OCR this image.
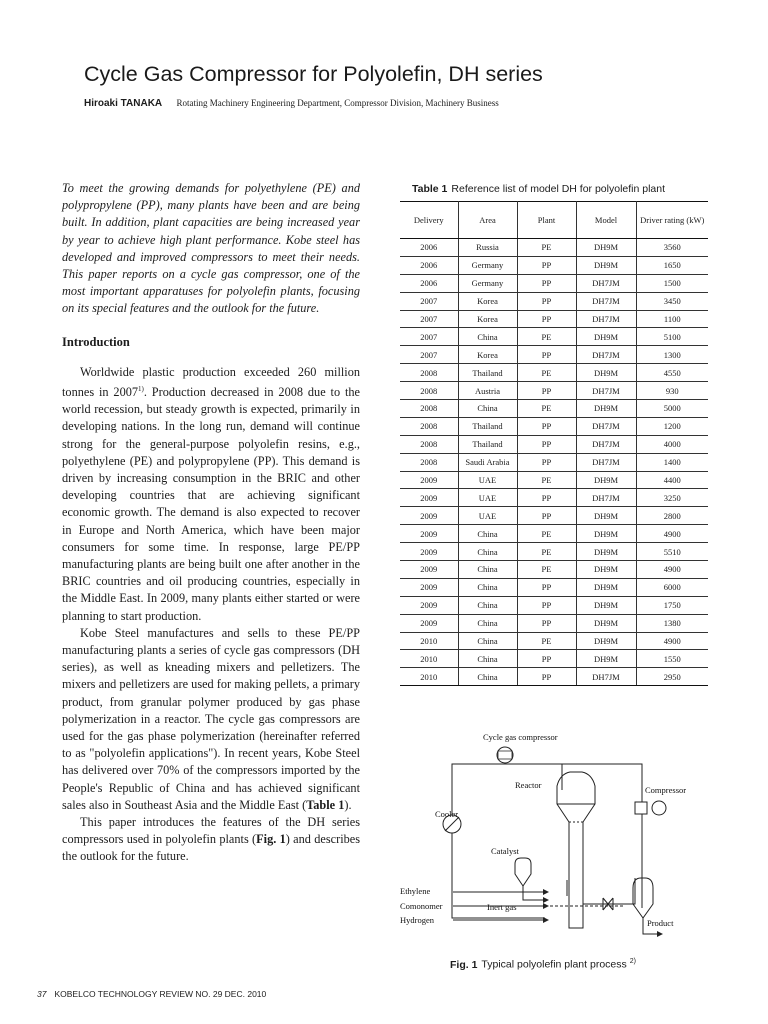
Cycle Gas Compressor for Polyolefin, DH series
Hiroaki TANAKA Rotating Machinery Engineering Department, Compressor Division, Machinery Business

To meet the growing demands for polyethylene (PE) and polypropylene (PP), many plants have been and are being built. In addition, plant capacities are being increased year by year to achieve high plant performance. Kobe steel has developed and improved compressors to meet their needs. This paper reports on a cycle gas compressor, one of the most important apparatuses for polyolefin plants, focusing on its special features and the outlook for the future.

Introduction

Worldwide plastic production exceeded 260 million tonnes in 2007$^{1)}$. Production decreased in 2008 due to the world recession, but steady growth is expected, primarily in developing nations. In the long run, demand will continue strong for the general-purpose polyolefin resins, e.g., polyethylene (PE) and polypropylene (PP). This demand is driven by increasing consumption in the BRIC and other developing countries that are achieving significant economic growth. The demand is also expected to recover in Europe and North America, which have been major consumers for some time. In response, large PE/PP manufacturing plants are being built one after another in the BRIC countries and oil producing countries, especially in the Middle East. In 2009, many plants either started or were planning to start production.

Kobe Steel manufactures and sells to these PE/PP manufacturing plants a series of cycle gas compressors (DH series), as well as kneading mixers and pelletizers. The mixers and pelletizers are used for making pellets, a primary product, from granular polymer produced by gas phase polymerization in a reactor. The cycle gas compressors are used for the gas phase polymerization (hereinafter referred to as "polyolefin applications"). In recent years, Kobe Steel has delivered over 70% of the compressors imported by the People's Republic of China and has achieved significant sales also in Southeast Asia and the Middle East (Table 1).

This paper introduces the features of the DH series compressors used in polyolefin plants (Fig. 1) and describes the outlook for the future.

Table 1 Reference list of model DH for polyolefin plant
Delivery	Area	Plant	Model	Driver rating (kW)
2006	Russia	PE	DH9M	3560
2006	Germany	PP	DH9M	1650
2006	Germany	PP	DH7JM	1500
2007	Korea	PP	DH7JM	3450
2007	Korea	PP	DH7JM	1100
2007	China	PE	DH9M	5100
2007	Korea	PP	DH7JM	1300
2008	Thailand	PE	DH9M	4550
2008	Austria	PP	DH7JM	930
2008	China	PE	DH9M	5000
2008	Thailand	PP	DH7JM	1200
2008	Thailand	PP	DH7JM	4000
2008	Saudi Arabia	PP	DH7JM	1400
2009	UAE	PE	DH9M	4400
2009	UAE	PP	DH7JM	3250
2009	UAE	PP	DH9M	2800
2009	China	PE	DH9M	4900
2009	China	PE	DH9M	5510
2009	China	PE	DH9M	4900
2009	China	PP	DH9M	6000
2009	China	PP	DH9M	1750
2009	China	PP	DH9M	1380
2010	China	PE	DH9M	4900
2010	China	PP	DH9M	1550
2010	China	PP	DH7JM	2950
Cycle gas compressor
Reactor	Compressor
Cooler
Catalyst
Ethylene
Comonomer
Hydrogen
Inert gas
Product
Fig. 1 Typical polyolefin plant process $^{2)}$
37 KOBELCO TECHNOLOGY REVIEW NO. 29 DEC. 2010
